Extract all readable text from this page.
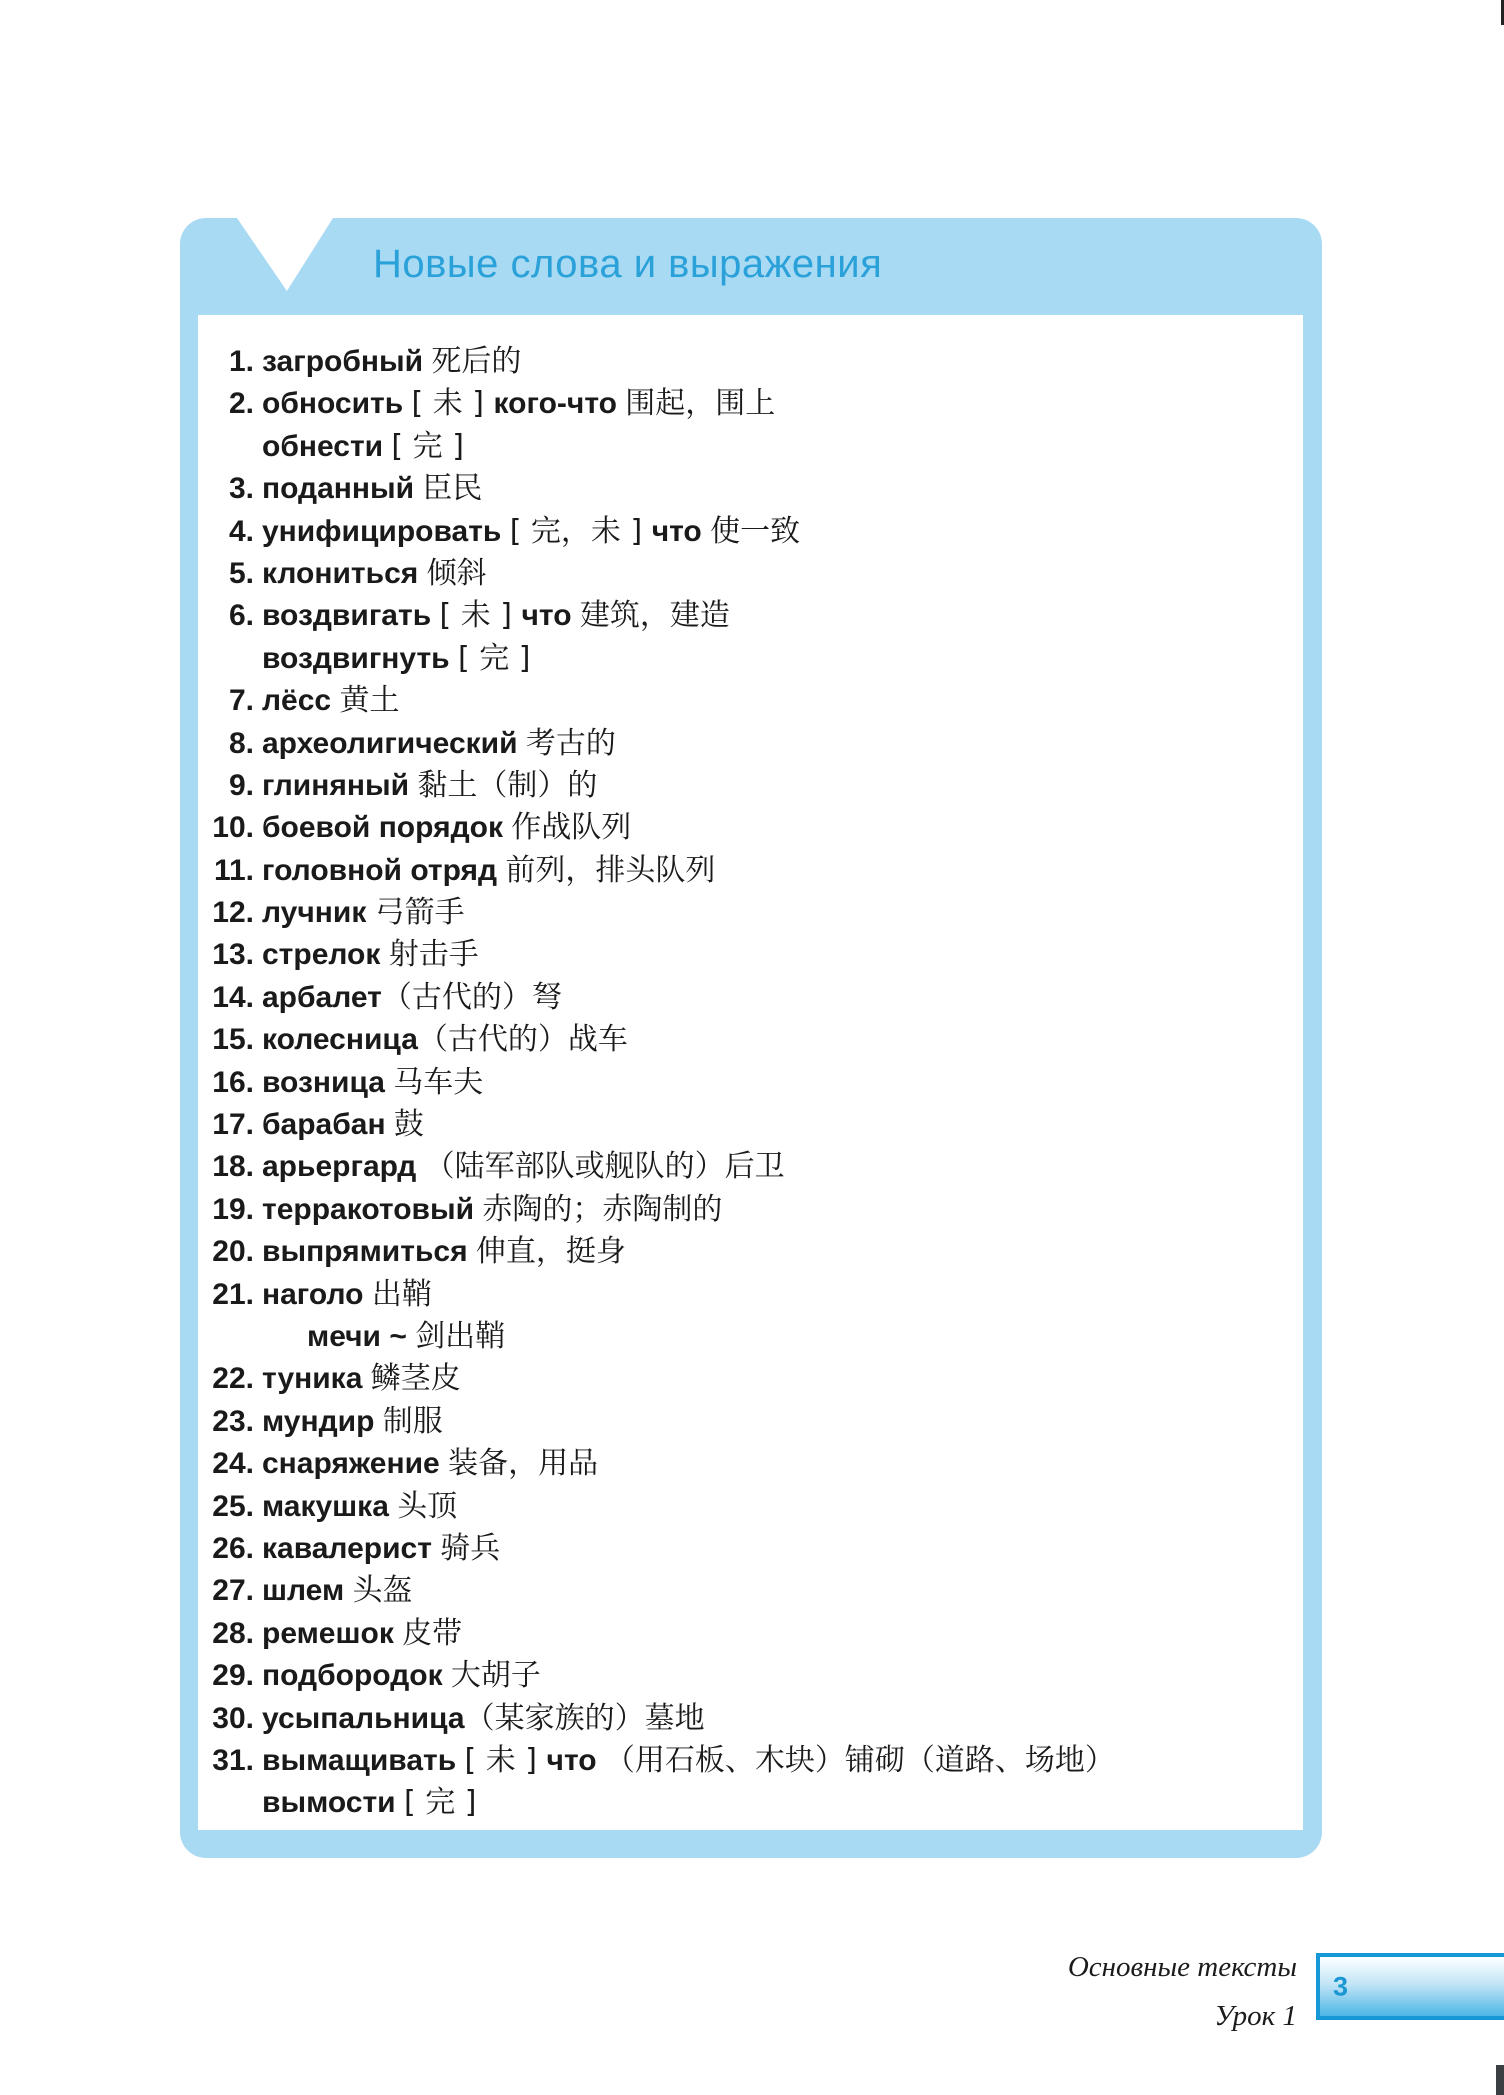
Новые слова и выражения
1. загробный 死后的
2. обносить [ 未 ] кого-что 围起，围上
обнести [ 完 ]
3. поданный 臣民
4. унифицировать [ 完，未 ] что 使一致
5. клониться 倾斜
6. воздвигать [ 未 ] что 建筑，建造
воздвигнуть [ 完 ]
7. лёсс 黄土
8. археолигический 考古的
9. глиняный 黏土（制）的
10. боевой порядок 作战队列
11. головной отряд 前列，排头队列
12. лучник 弓箭手
13. стрелок 射击手
14. арбалет（古代的）弩
15. колесница（古代的）战车
16. возница 马车夫
17. барабан 鼓
18. арьергард （陆军部队或舰队的）后卫
19. терракотовый 赤陶的；赤陶制的
20. выпрямиться 伸直，挺身
21. наголо 出鞘
мечи ~ 剑出鞘
22. туника 鳞茎皮
23. мундир 制服
24. снаряжение 装备，用品
25. макушка 头顶
26. кавалерист 骑兵
27. шлем 头盔
28. ремешок 皮带
29. подбородок 大胡子
30. усыпальница（某家族的）墓地
31. вымащивать [ 未 ] что （用石板、木块）铺砌（道路、场地）
вымости [ 完 ]
Основные тексты
Урок 1
3
